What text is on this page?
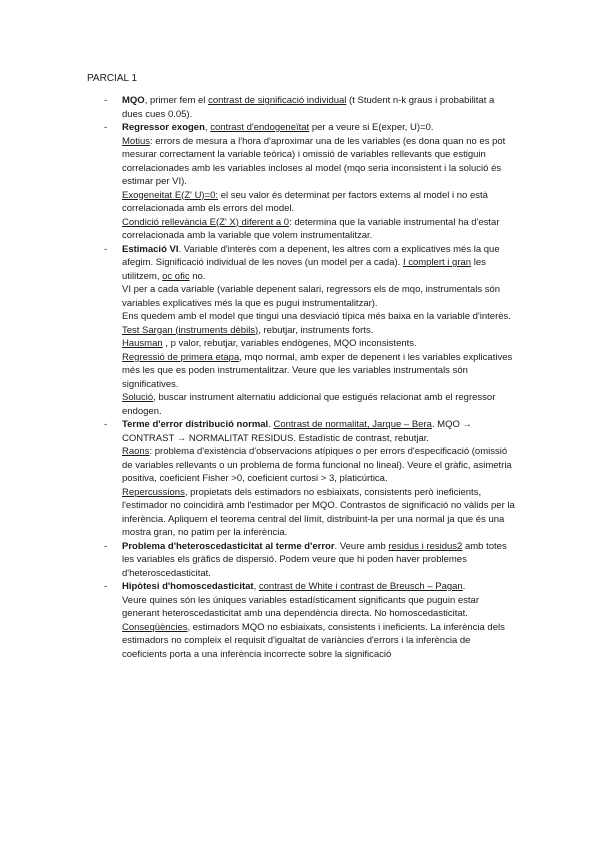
PARCIAL 1
- MQO, primer fem el contrast de significació individual (t Student n-k graus i probabilitat a dues cues 0.05).

- Regressor exogen, contrast d'endogeneïtat per a veure si E(exper, U)=0.

Motius: errors de mesura a l'hora d'aproximar una de les variables (es dona quan no es pot mesurar correctament la variable teòrica) i omissió de variables rellevants que estiguin correlacionades amb les variables incloses al model (mqo seria inconsistent i la solució és estimar per VI).

Exogeneitat E(Z' U)=0: el seu valor és determinat per factors externs al model i no està correlacionada amb els errors del model.

Condició rellevància E(Z' X) diferent a 0: determina que la variable instrumental ha d'estar correlacionada amb la variable que volem instrumentalitzar.

- Estimació VI. Variable d'interès com a depenent, les altres com a explicatives més la que afegim. Significació individual de les noves (un model per a cada). I complert i gran les utilitzem, oc ofic no.

VI per a cada variable (variable depenent salari, regressors els de mqo, instrumentals són variables explicatives més la que es pugui instrumentalitzar).

Ens quedem amb el model que tingui una desviació típica més baixa en la variable d'interès.

Test Sargan (instruments dèbils), rebutjar, instruments forts.

Hausman , p valor, rebutjar, variables endògenes, MQO inconsistents.

Regressió de primera etapa, mqo normal, amb exper de depenent i les variables explicatives més les que es poden instrumentalitzar. Veure que les variables instrumentals són significatives.

Solució, buscar instrument alternatiu addicional que estigués relacionat amb el regressor endogen.

- Terme d'error distribució normal. Contrast de normalitat, Jarque – Bera. MQO → CONTRAST → NORMALITAT RESIDUS. Estadístic de contrast, rebutjar.

Raons: problema d'existència d'observacions atípiques o per errors d'especificació (omissió de variables rellevants o un problema de forma funcional no lineal). Veure el gràfic, asimetria positiva, coeficient Fisher >0, coeficient curtosi > 3, platicúrtica.

Repercussions, propietats dels estimadors no esbiaixats, consistents però ineficients, l'estimador no coincidirà amb l'estimador per MQO. Contrastos de significació no vàlids per la inferència. Apliquem el teorema central del límit, distribuint-la per una normal ja que és una mostra gran, no patim per la inferència.

- Problema d'heteroscedasticitat al terme d'error. Veure amb residus i residus2 amb totes les variables els gràfics de dispersió. Podem veure que hi poden haver problemes d'heteroscedasticitat.

- Hipòtesi d'homoscedasticitat, contrast de White i contrast de Breusch – Pagan.

Veure quines són les úniques variables estadísticament significants que puguin estar generant heteroscedasticitat amb una dependència directa. No homoscedasticitat.

Conseqüències, estimadors MQO no esbiaixats, consistents i ineficients. La inferència dels estimadors no compleix el requisit d'igualtat de variàncies d'errors i la inferència de coeficients porta a una inferència incorrecte sobre la significació
